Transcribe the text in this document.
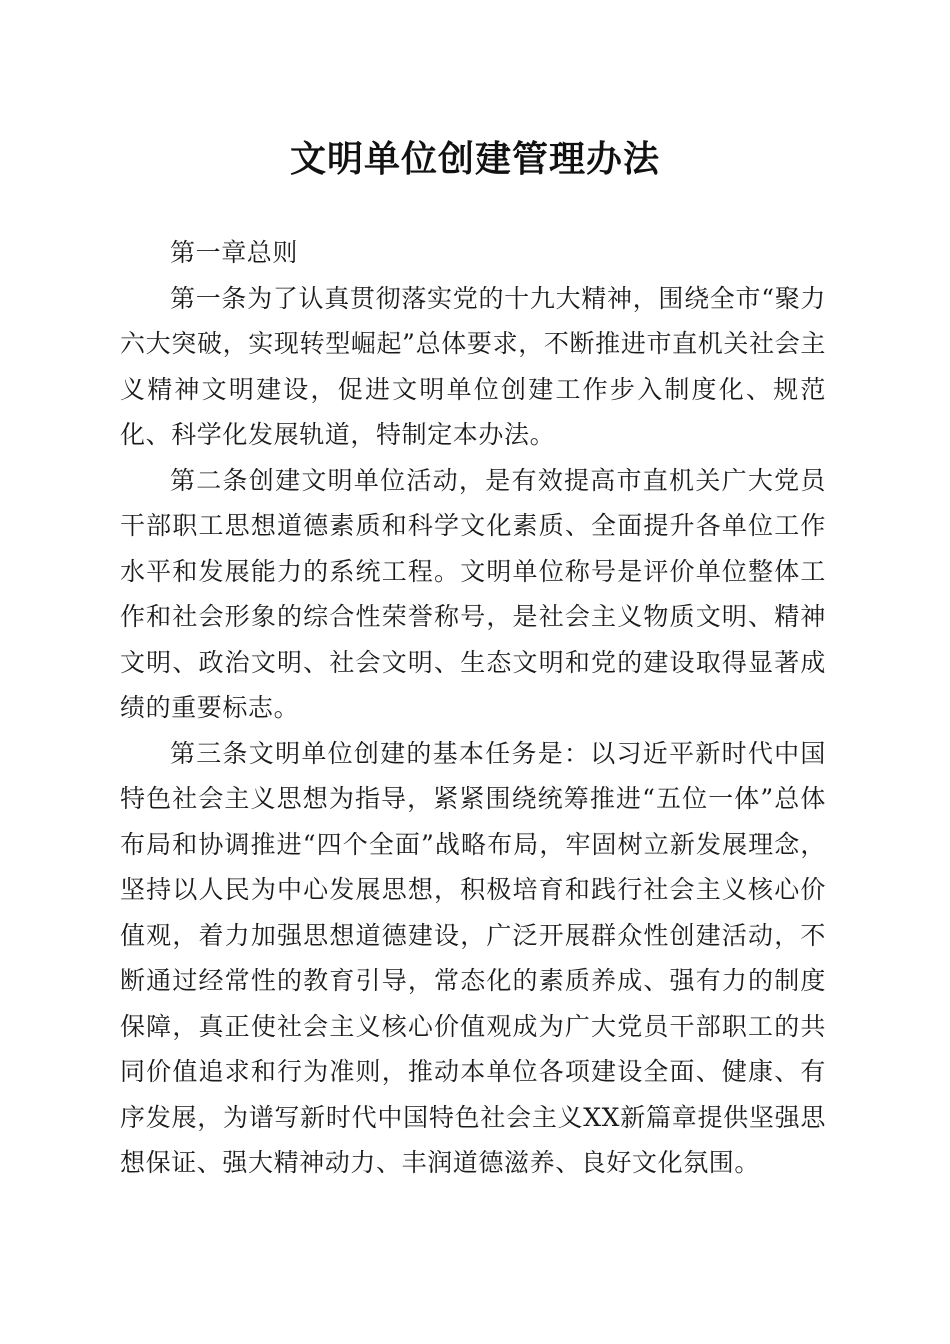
文明单位创建管理办法

第一章总则

第一条为了认真贯彻落实党的十九大精神，围绕全市“聚力六大突破，实现转型崛起”总体要求，不断推进市直机关社会主义精神文明建设，促进文明单位创建工作步入制度化、规范化、科学化发展轨道，特制定本办法。

第二条创建文明单位活动，是有效提高市直机关广大党员干部职工思想道德素质和科学文化素质、全面提升各单位工作水平和发展能力的系统工程。文明单位称号是评价单位整体工作和社会形象的综合性荣誉称号，是社会主义物质文明、精神文明、政治文明、社会文明、生态文明和党的建设取得显著成绩的重要标志。

第三条文明单位创建的基本任务是：以习近平新时代中国特色社会主义思想为指导，紧紧围绕统筹推进“五位一体”总体布局和协调推进“四个全面”战略布局，牢固树立新发展理念，坚持以人民为中心发展思想，积极培育和践行社会主义核心价值观，着力加强思想道德建设，广泛开展群众性创建活动，不断通过经常性的教育引导，常态化的素质养成、强有力的制度保障，真正使社会主义核心价值观成为广大党员干部职工的共同价值追求和行为准则，推动本单位各项建设全面、健康、有序发展，为谱写新时代中国特色社会主义XX新篇章提供坚强思想保证、强大精神动力、丰润道德滋养、良好文化氛围。
